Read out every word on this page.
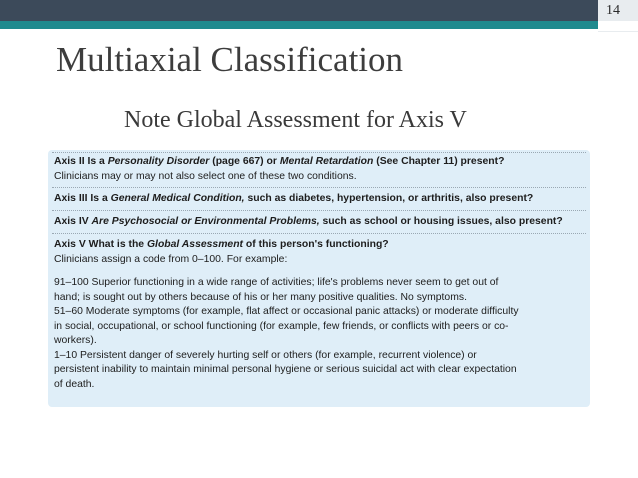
14
Multiaxial Classification
Note Global Assessment for Axis V
Axis II Is a Personality Disorder (page 667) or Mental Retardation (See Chapter 11) present?
Clinicians may or may not also select one of these two conditions.
Axis III Is a General Medical Condition, such as diabetes, hypertension, or arthritis, also present?
Axis IV Are Psychosocial or Environmental Problems, such as school or housing issues, also present?
Axis V What is the Global Assessment of this person's functioning?
Clinicians assign a code from 0–100. For example:
91–100 Superior functioning in a wide range of activities; life's problems never seem to get out of
hand; is sought out by others because of his or her many positive qualities. No symptoms.
51–60 Moderate symptoms (for example, flat affect or occasional panic attacks) or moderate difficulty
in social, occupational, or school functioning (for example, few friends, or conflicts with peers or co-
workers).
1–10 Persistent danger of severely hurting self or others (for example, recurrent violence) or
persistent inability to maintain minimal personal hygiene or serious suicidal act with clear expectation
of death.
